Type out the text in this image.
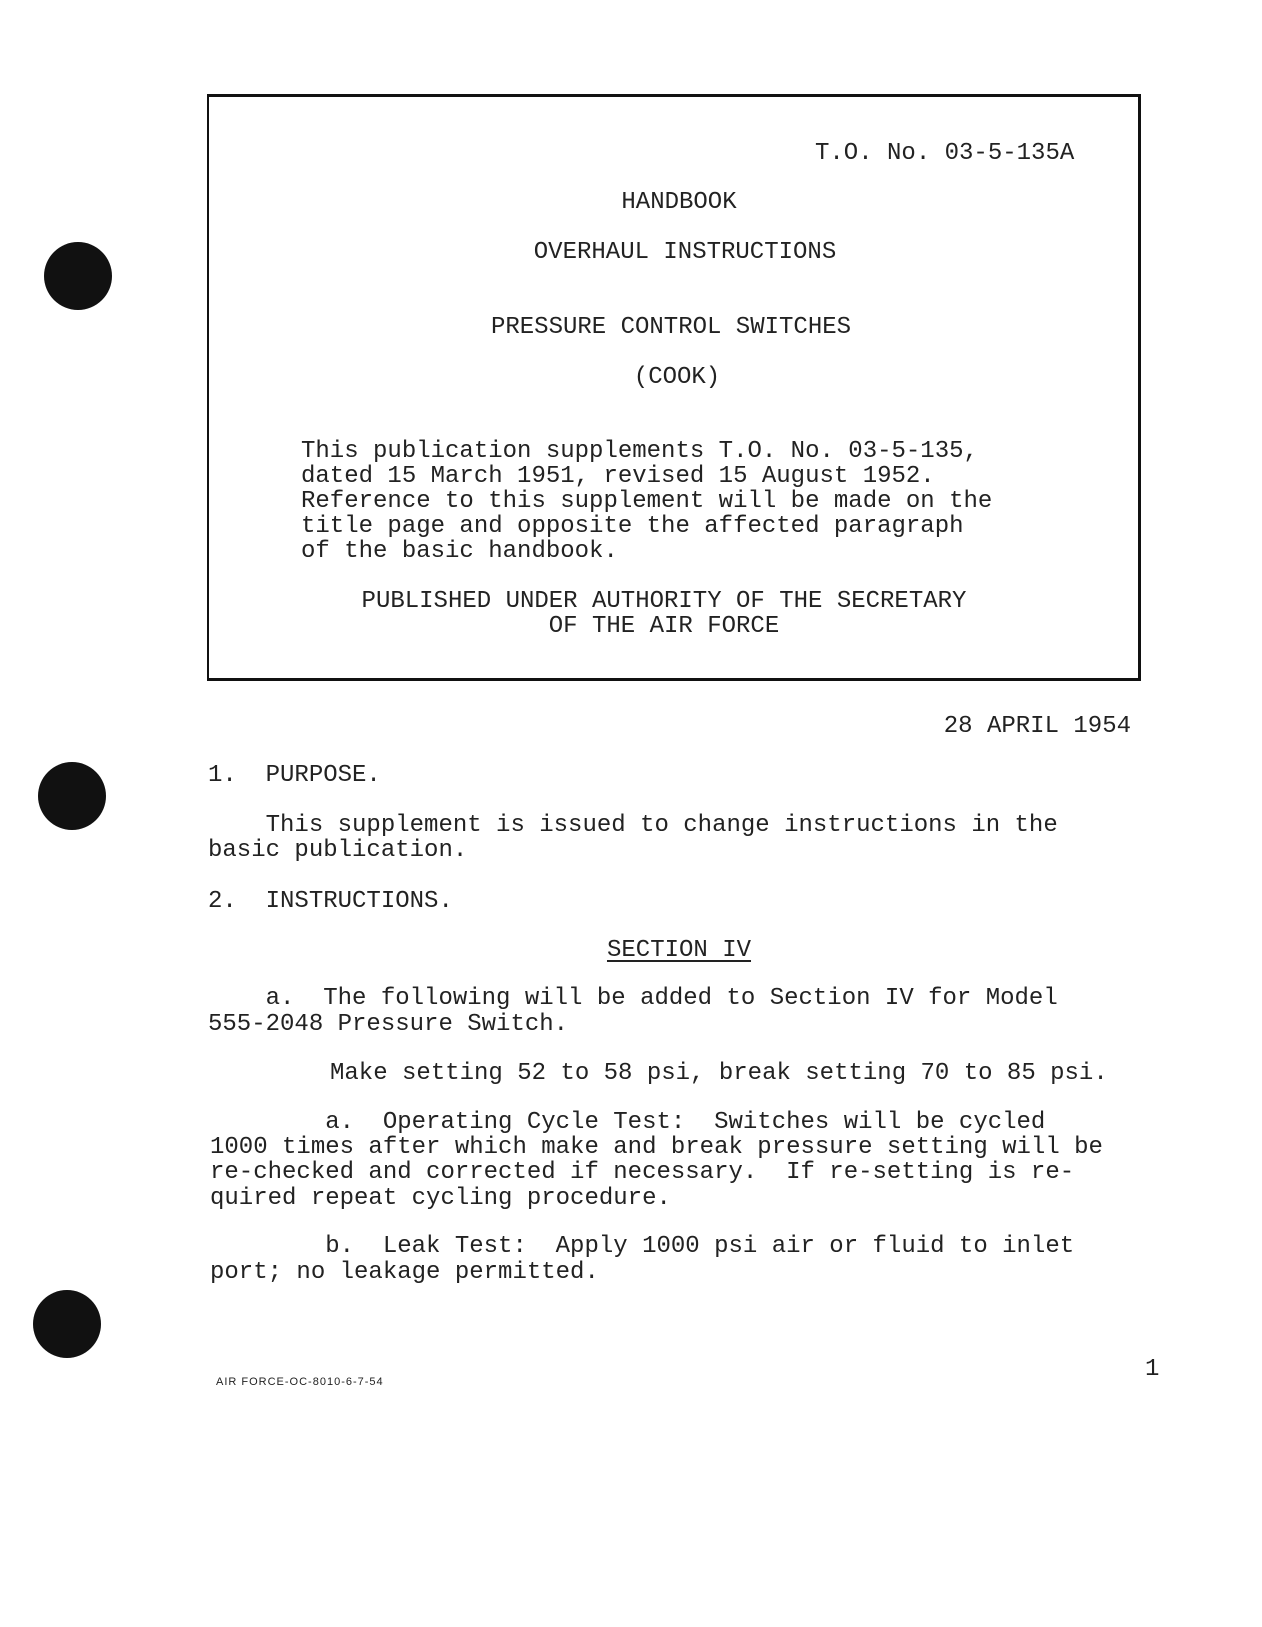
T.O. No. 03-5-135A
HANDBOOK
OVERHAUL INSTRUCTIONS
PRESSURE CONTROL SWITCHES
(COOK)
This publication supplements T.O. No. 03-5-135,
dated 15 March 1951, revised 15 August 1952.
Reference to this supplement will be made on the
title page and opposite the affected paragraph
of the basic handbook.
PUBLISHED UNDER AUTHORITY OF THE SECRETARY
OF THE AIR FORCE
28 APRIL 1954
1.  PURPOSE.
This supplement is issued to change instructions in the
basic publication.
2.  INSTRUCTIONS.
SECTION IV
a.  The following will be added to Section IV for Model
555-2048 Pressure Switch.
Make setting 52 to 58 psi, break setting 70 to 85 psi.
a.  Operating Cycle Test:  Switches will be cycled
1000 times after which make and break pressure setting will be
re-checked and corrected if necessary.  If re-setting is re-
quired repeat cycling procedure.
b.  Leak Test:  Apply 1000 psi air or fluid to inlet
port; no leakage permitted.
1
AIR FORCE-OC-8010-6-7-54
